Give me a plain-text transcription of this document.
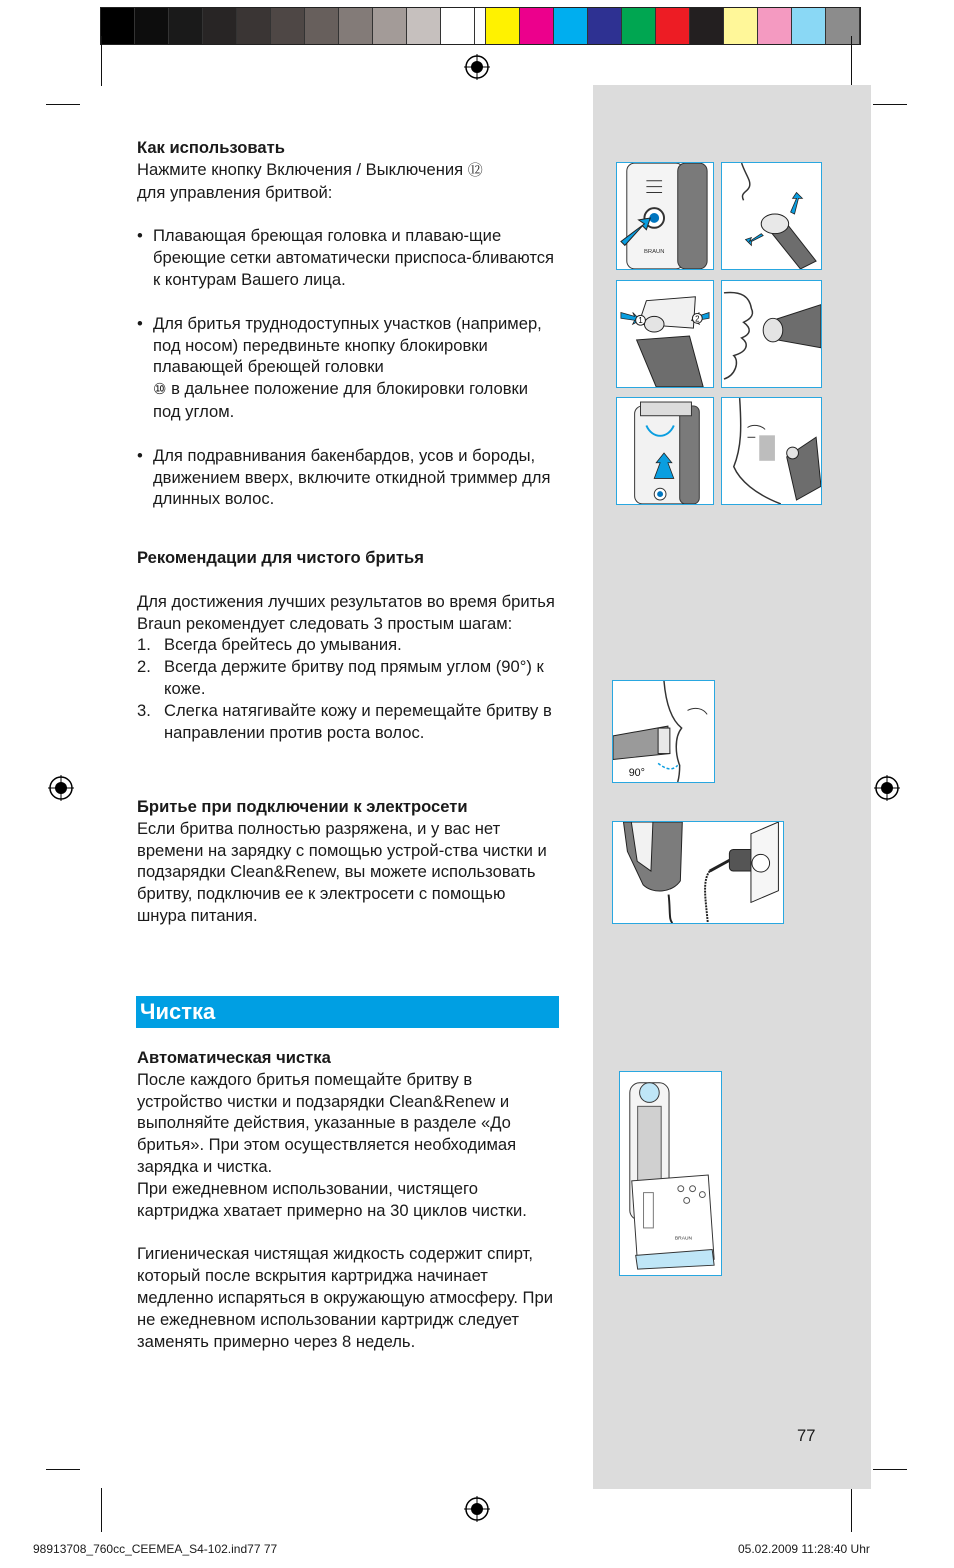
Как использовать
Нажмите кнопку Включения / Выключения ⑫
для управления бритвой:
• Плавающая бреющая головка и плаваю-щие бреющие сетки автоматически приспоса-бливаются к контурам Вашего лица.
• Для бритья труднодоступных участков (например, под носом) передвиньте кнопку блокировки плавающей бреющей головки
⑩ в дальнее положение для блокировки головки под углом.
• Для подравнивания бакенбардов, усов и бороды, движением вверх, включите откидной триммер для длинных волос.
Рекомендации для чистого бритья
Для достижения лучших результатов во время бритья Braun рекомендует следовать 3 простым шагам:
1. Всегда брейтесь до умывания.
2. Всегда держите бритву под прямым углом (90°) к коже.
3. Слегка натягивайте кожу и перемещайте бритву в направлении против роста волос.
Бритье при подключении к электросети
Если бритва полностью разряжена, и у вас нет времени на зарядку с помощью устрой-ства чистки и подзарядки Clean&Renew, вы можете использовать бритву, подключив ее к электросети с помощью шнура питания.
Чистка
Автоматическая чистка
После каждого бритья помещайте бритву в устройство чистки и подзарядки Clean&Renew и выполняйте действия, указанные в разделе «До бритья». При этом осуществляется необходимая зарядка и чистка.
При ежедневном использовании, чистящего картриджа хватает примерно на 30 циклов чистки.
Гигиеническая чистящая жидкость содержит спирт, который после вскрытия картриджа начинает медленно испаряться в окружающую атмосферу. При не ежедневном использовании картридж следует заменять примерно через 8 недель.
BRAUN
1	2
90°
BRAUN
77
98913708_760cc_CEEMEA_S4-102.ind77 77	05.02.2009 11:28:40 Uhr
